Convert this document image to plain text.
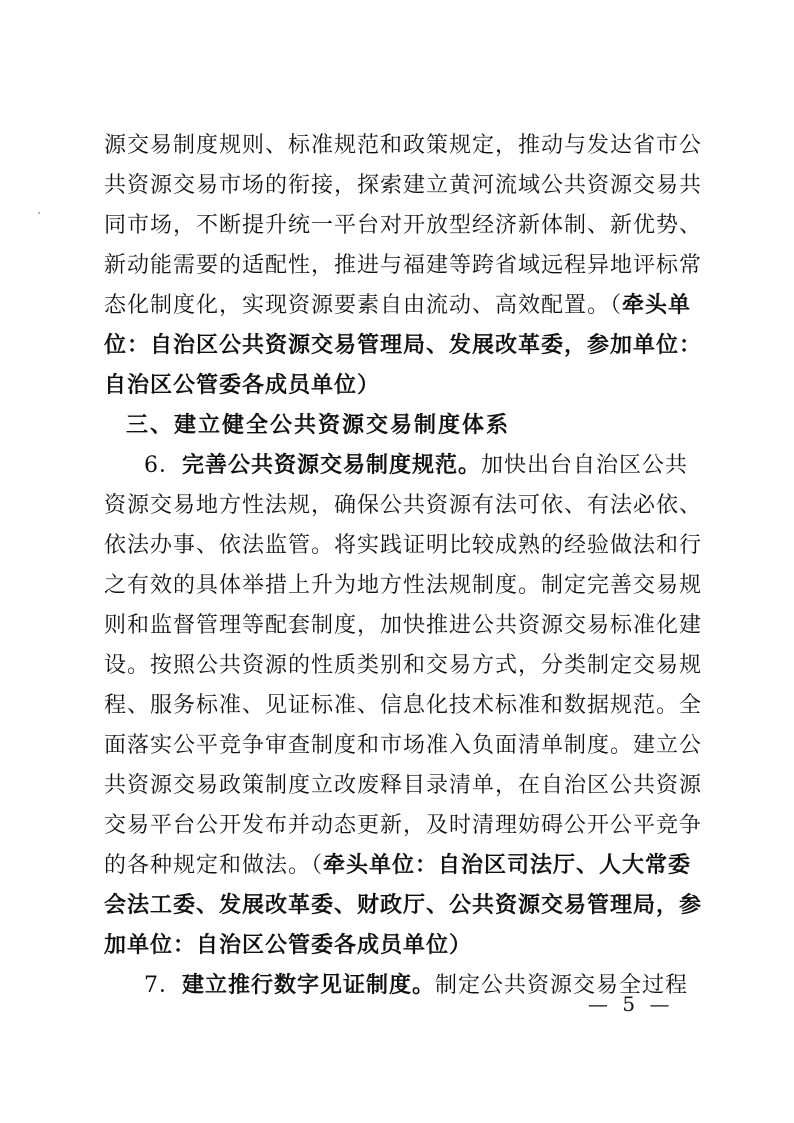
源交易制度规则、标准规范和政策规定，推动与发达省市公
共资源交易市场的衔接，探索建立黄河流域公共资源交易共
同市场，不断提升统一平台对开放型经济新体制、新优势、
新动能需要的适配性，推进与福建等跨省域远程异地评标常
态化制度化，实现资源要素自由流动、高效配置。（牵头单
位：自治区公共资源交易管理局、发展改革委，参加单位：
自治区公管委各成员单位）
三、建立健全公共资源交易制度体系
6．完善公共资源交易制度规范。加快出台自治区公共
资源交易地方性法规，确保公共资源有法可依、有法必依、
依法办事、依法监管。将实践证明比较成熟的经验做法和行
之有效的具体举措上升为地方性法规制度。制定完善交易规
则和监督管理等配套制度，加快推进公共资源交易标准化建
设。按照公共资源的性质类别和交易方式，分类制定交易规
程、服务标准、见证标准、信息化技术标准和数据规范。全
面落实公平竞争审查制度和市场准入负面清单制度。建立公
共资源交易政策制度立改废释目录清单，在自治区公共资源
交易平台公开发布并动态更新，及时清理妨碍公开公平竞争
的各种规定和做法。（牵头单位：自治区司法厅、人大常委
会法工委、发展改革委、财政厅、公共资源交易管理局，参
加单位：自治区公管委各成员单位）
7．建立推行数字见证制度。制定公共资源交易全过程
— 5 —
